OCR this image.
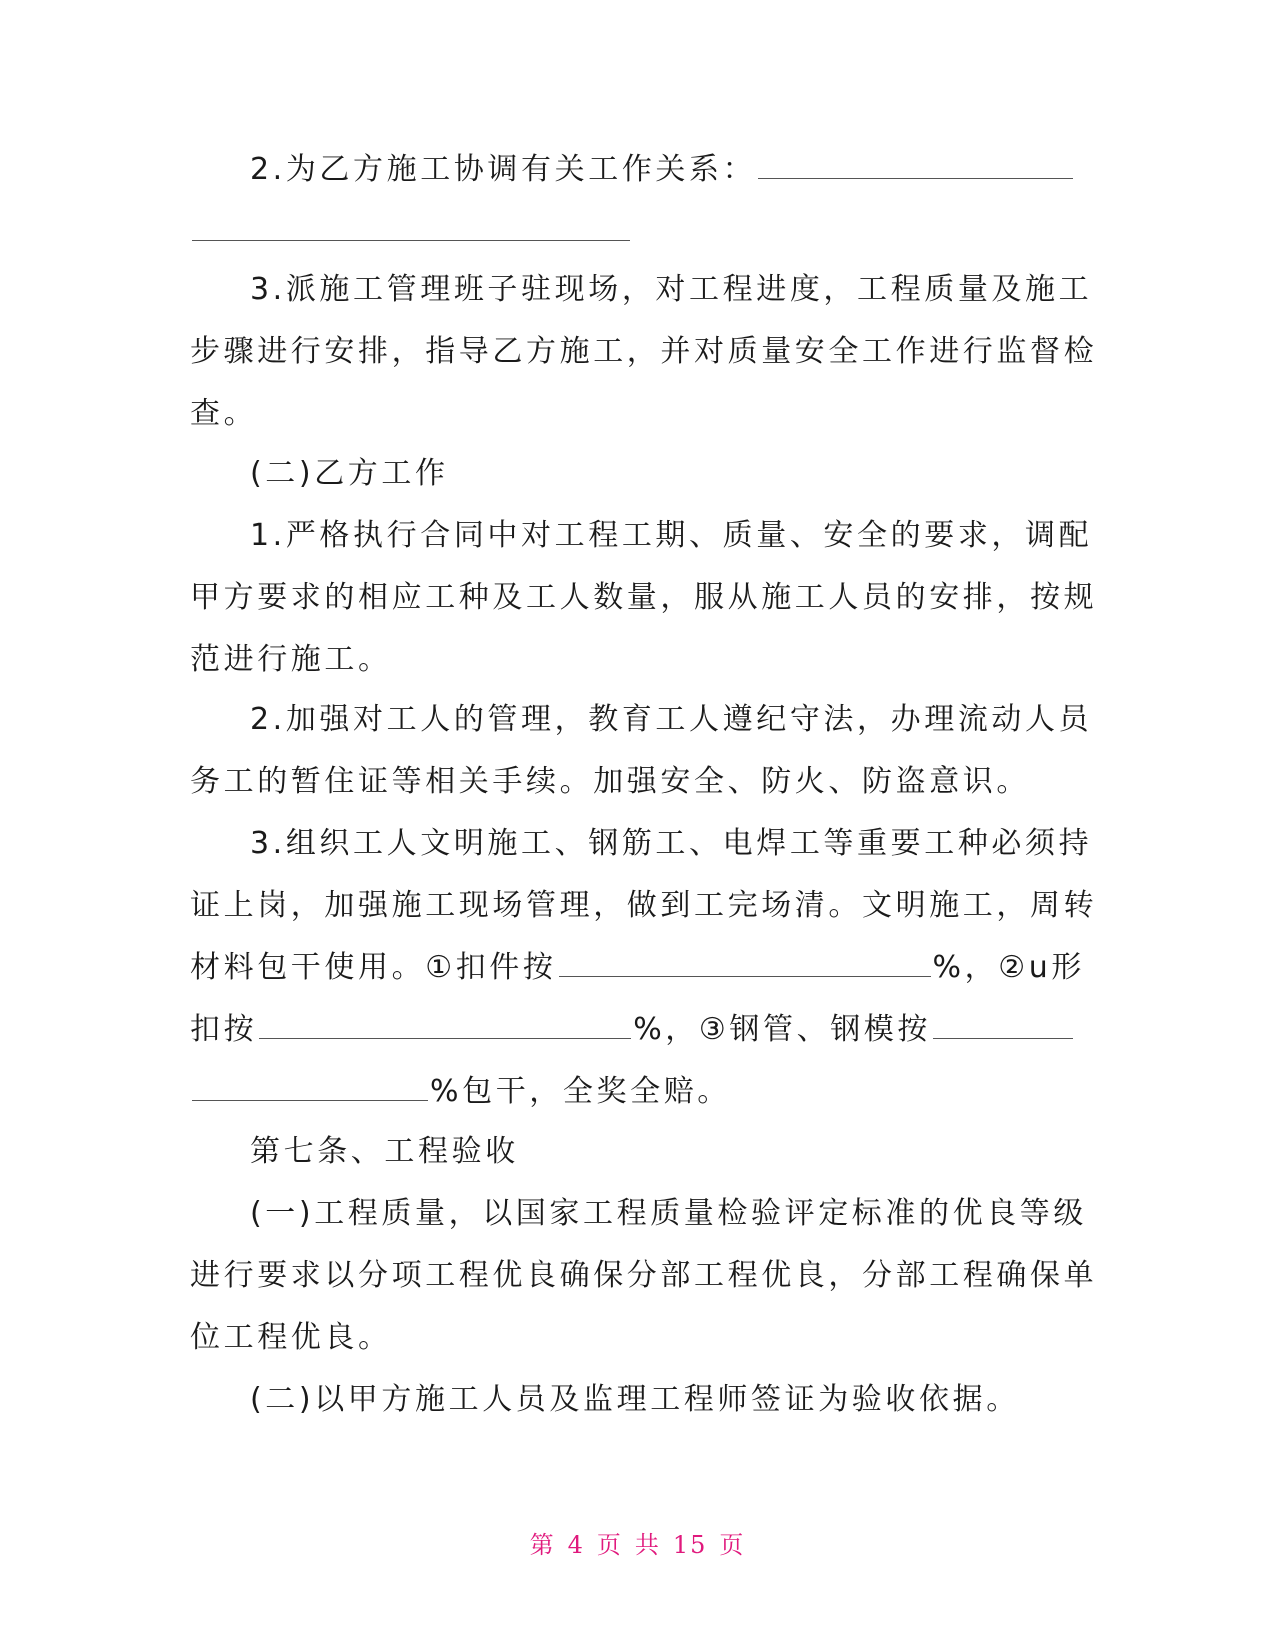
2.为乙方施工协调有关工作关系：
3.派施工管理班子驻现场，对工程进度，工程质量及施工
步骤进行安排，指导乙方施工，并对质量安全工作进行监督检
查。
(二)乙方工作
1.严格执行合同中对工程工期、质量、安全的要求，调配
甲方要求的相应工种及工人数量，服从施工人员的安排，按规
范进行施工。
2.加强对工人的管理，教育工人遵纪守法，办理流动人员
务工的暂住证等相关手续。加强安全、防火、防盗意识。
3.组织工人文明施工、钢筋工、电焊工等重要工种必须持
证上岗，加强施工现场管理，做到工完场清。文明施工，周转
材料包干使用。①扣件按	%，②u形
扣按	%，③钢管、钢模按
%包干，全奖全赔。
第七条、工程验收
(一)工程质量，以国家工程质量检验评定标准的优良等级
进行要求以分项工程优良确保分部工程优良，分部工程确保单
位工程优良。
(二)以甲方施工人员及监理工程师签证为验收依据。
第 4 页 共 15 页
